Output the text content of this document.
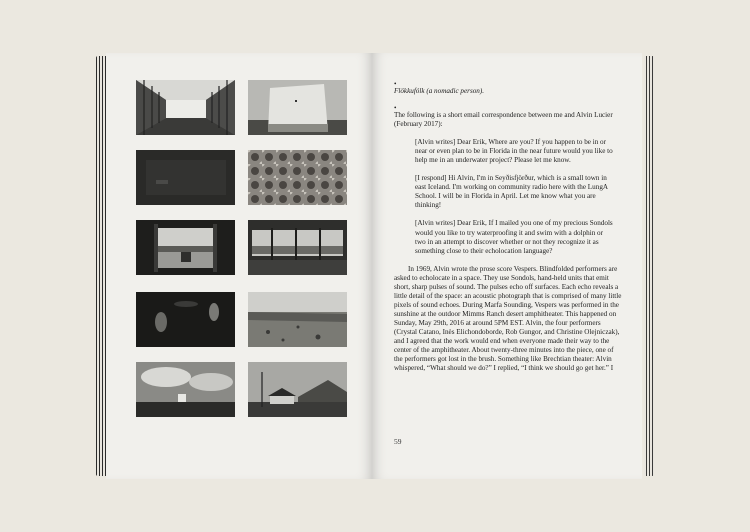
•

Flökkufólk (a nomadic person).

•

The following is a short email correspondence between me and Alvin Lucier (February 2017):

[Alvin writes] Dear Erik, Where are you? If you happen to be in or near or even plan to be in Florida in the near future would you like to help me in an underwater project? Please let me know.

[I respond] Hi Alvin, I'm in Seyðisfjörður, which is a small town in east Iceland. I'm working on community radio here with the LungA School. I will be in Florida in April. Let me know what you are thinking!

[Alvin writes] Dear Erik, If I mailed you one of my precious Sondols would you like to try waterproofing it and swim with a dolphin or two in an attempt to discover whether or not they recognize it as something close to their echolocation language?

In 1969, Alvin wrote the prose score Vespers. Blindfolded performers are asked to echolocate in a space. They use Sondols, hand-held units that emit short, sharp pulses of sound. The pulses echo off surfaces. Each echo reveals a little detail of the space: an acoustic photograph that is comprised of many little pixels of sound echoes. During Marfa Sounding, Vespers was performed in the sunshine at the outdoor Mimms Ranch desert amphitheater. This happened on Sunday, May 29th, 2016 at around 5PM EST. Alvin, the four performers (Crystal Catano, Inès Elichondoborde, Rob Gungor, and Christine Olejniczak), and I agreed that the work would end when everyone made their way to the center of the amphitheater. About twenty-three minutes into the piece, one of the performers got lost in the brush. Something like Brechtian theater: Alvin whispered, “What should we do?” I replied, “I think we should go get her.” I

59
